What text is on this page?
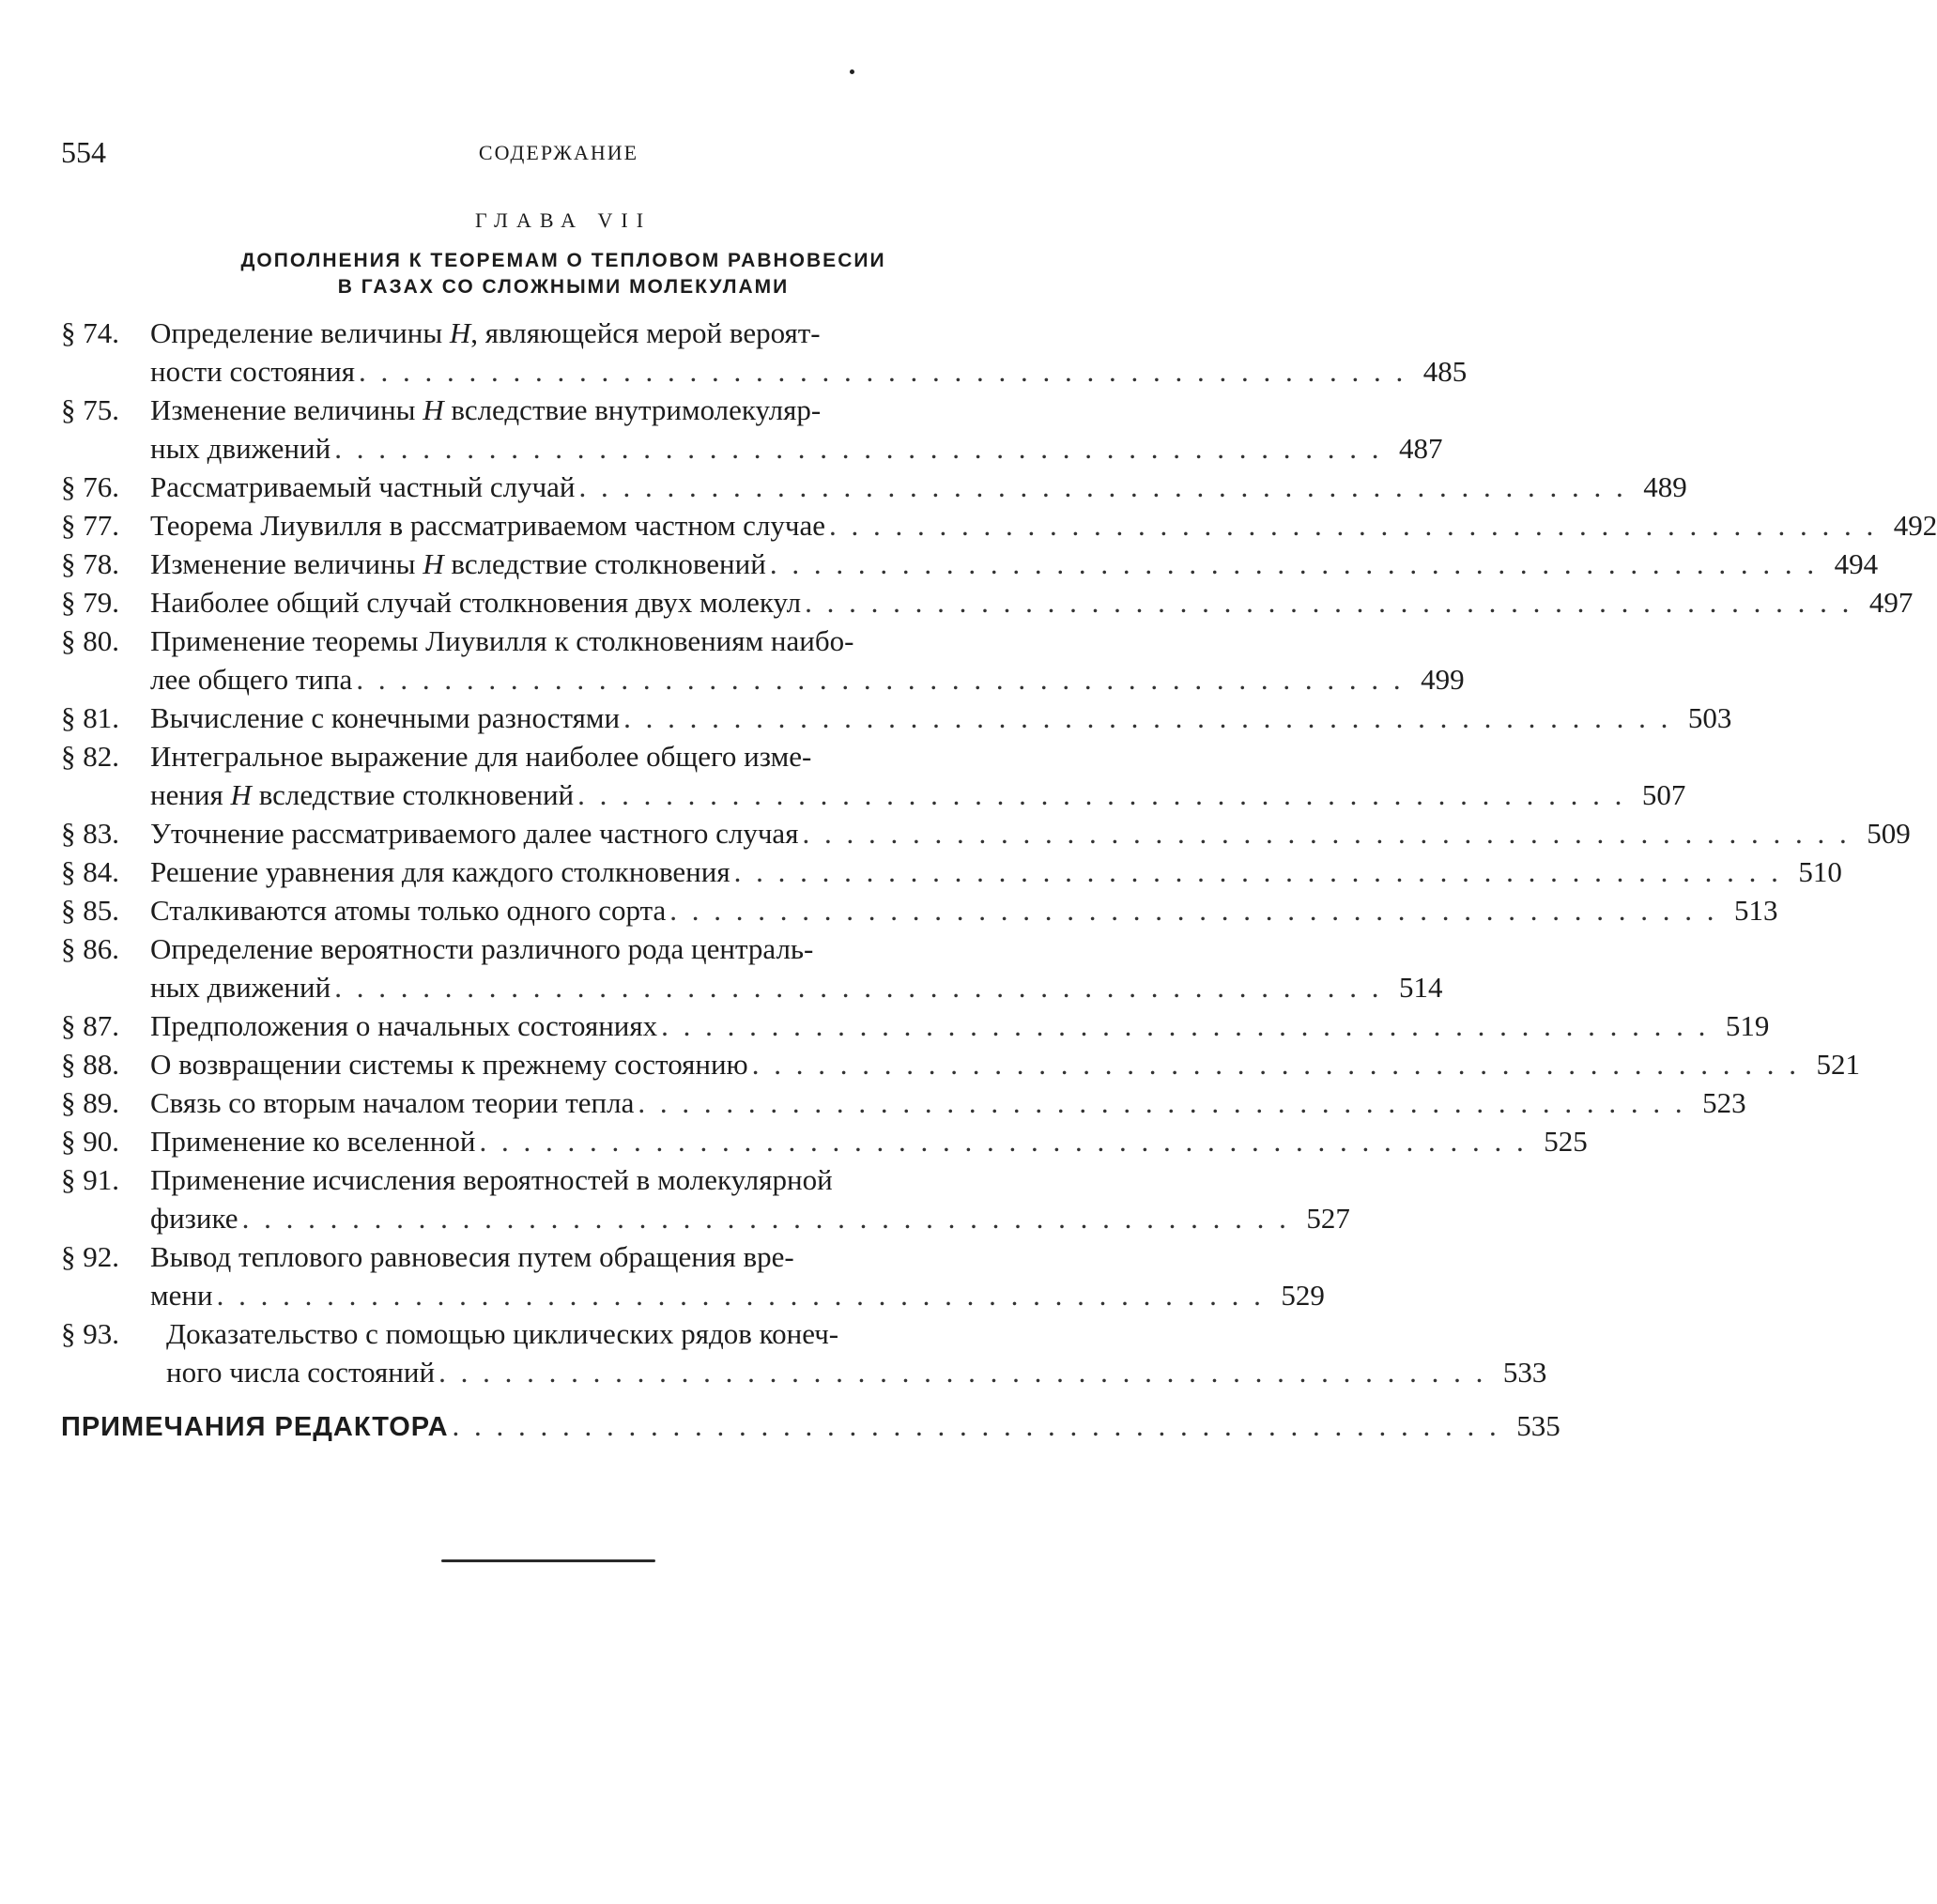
554	СОДЕРЖАНИЕ
ГЛАВА VII
ДОПОЛНЕНИЯ К ТЕОРЕМАМ О ТЕПЛОВОМ РАВНОВЕСИИ
В ГАЗАХ СО СЛОЖНЫМИ МОЛЕКУЛАМИ
§ 74.	Определение величины H, являющейся мерой вероят-
ности состояния . . .	485
§ 75.	Изменение величины H вследствие внутримолекуляр-
ных движений . . .	487
§ 76.	Рассматриваемый частный случай . . .	489
§ 77.	Теорема Лиувилля в рассматриваемом частном случае . . .	492
§ 78.	Изменение величины H вследствие столкновений . . .	494
§ 79.	Наиболее общий случай столкновения двух молекул . . .	497
§ 80.	Применение теоремы Лиувилля к столкновениям наибо-
лее общего типа . . .	499
§ 81.	Вычисление с конечными разностями . . .	503
§ 82.	Интегральное выражение для наиболее общего изме-
нения H вследствие столкновений . . .	507
§ 83.	Уточнение рассматриваемого далее частного случая . . .	509
§ 84.	Решение уравнения для каждого столкновения . . .	510
§ 85.	Сталкиваются атомы только одного сорта . . .	513
§ 86.	Определение вероятности различного рода централь-
ных движений . . .	514
§ 87.	Предположения о начальных состояниях . . .	519
§ 88.	О возвращении системы к прежнему состоянию . . .	521
§ 89.	Связь со вторым началом теории тепла . . .	523
§ 90.	Применение ко вселенной . . .	525
§ 91.	Применение исчисления вероятностей в молекулярной
физике . . .	527
§ 92.	Вывод теплового равновесия путем обращения вре-
мени . . .	529
§ 93.	Доказательство с помощью циклических рядов конеч-
ного числа состояний . . .	533
ПРИМЕЧАНИЯ РЕДАКТОРА . . .	535
